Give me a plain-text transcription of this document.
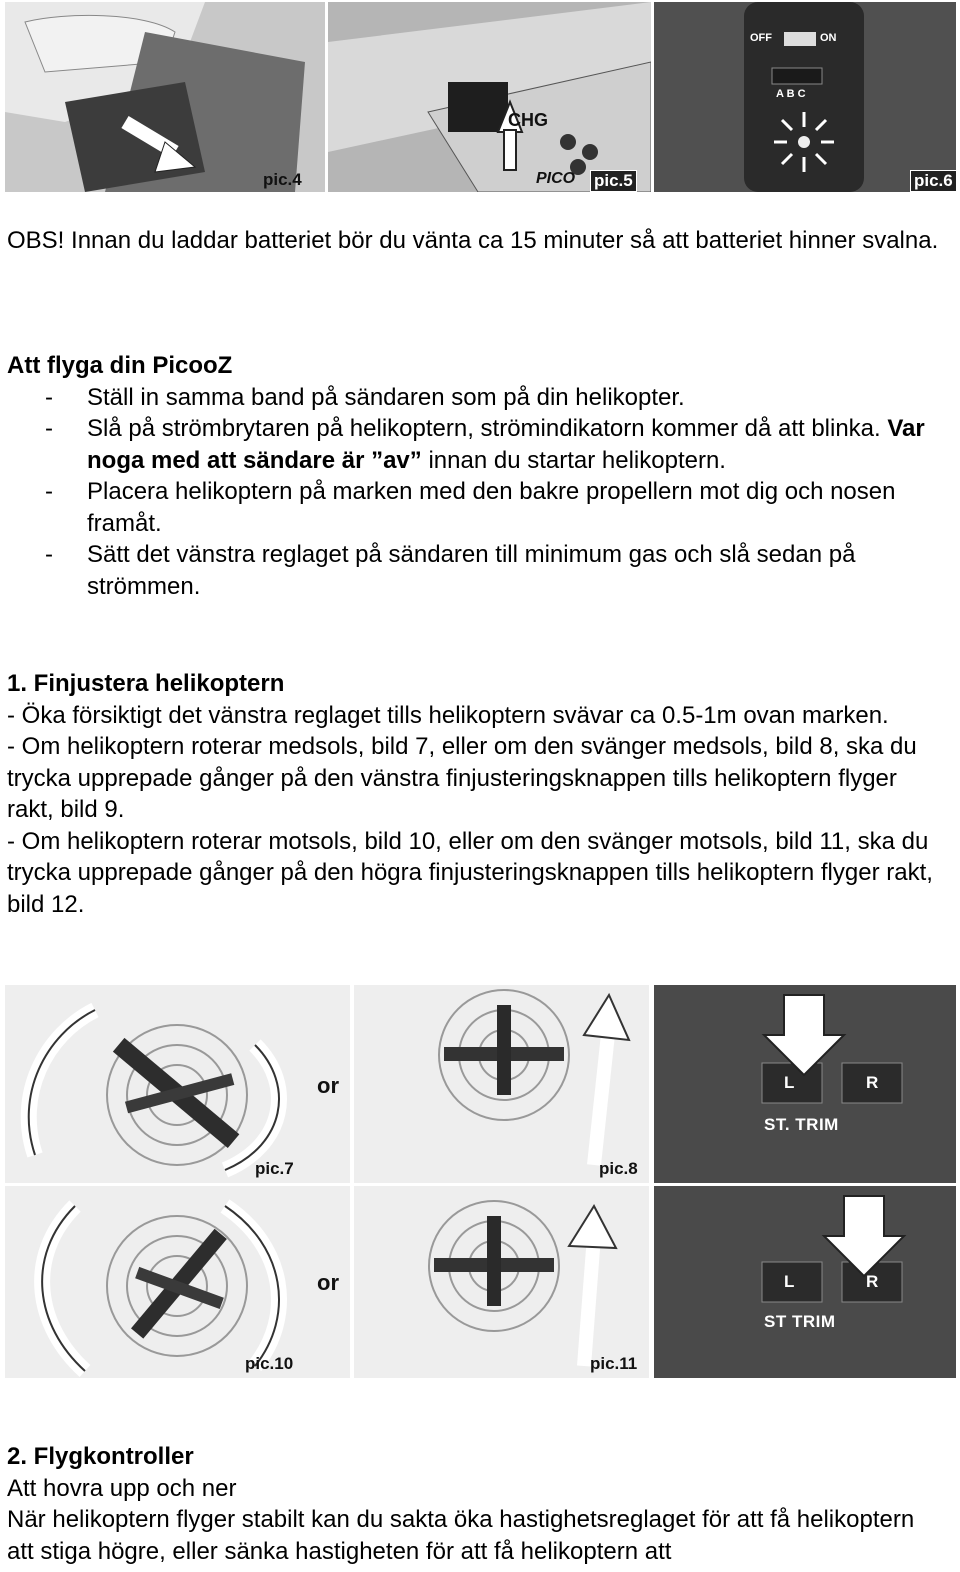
pic.4
CHG
PICO pic.5
OFF	ON
A B C
pic.6

OBS! Innan du laddar batteriet bör du vänta ca 15 minuter så att batteriet hinner svalna.

Att flyga din PicooZ

- Ställ in samma band på sändaren som på din helikopter.

- Slå på strömbrytaren på helikoptern, strömindikatorn kommer då att blinka. Var noga med att sändare är ”av” innan du startar helikoptern.

- Placera helikoptern på marken med den bakre propellern mot dig och nosen framåt.

- Sätt det vänstra reglaget på sändaren till minimum gas och slå sedan på strömmen.

1. Finjustera helikoptern

- Öka försiktigt det vänstra reglaget tills helikoptern svävar ca 0.5-1m ovan marken.

- Om helikoptern roterar medsols, bild 7, eller om den svänger medsols, bild 8, ska du trycka upprepade gånger på den vänstra finjusteringsknappen tills helikoptern flyger rakt, bild 9.

- Om helikoptern roterar motsols, bild 10, eller om den svänger motsols, bild 11, ska du trycka upprepade gånger på den högra finjusteringsknappen tills helikoptern flyger rakt, bild 12.

or
pic.7	pic.8
L	R
ST. TRIM
or
pic.10	pic.11
L	R
ST TRIM

2. Flygkontroller

Att hovra upp och ner

När helikoptern flyger stabilt kan du sakta öka hastighetsreglaget för att få helikoptern att stiga högre, eller sänka hastigheten för att få helikoptern att
